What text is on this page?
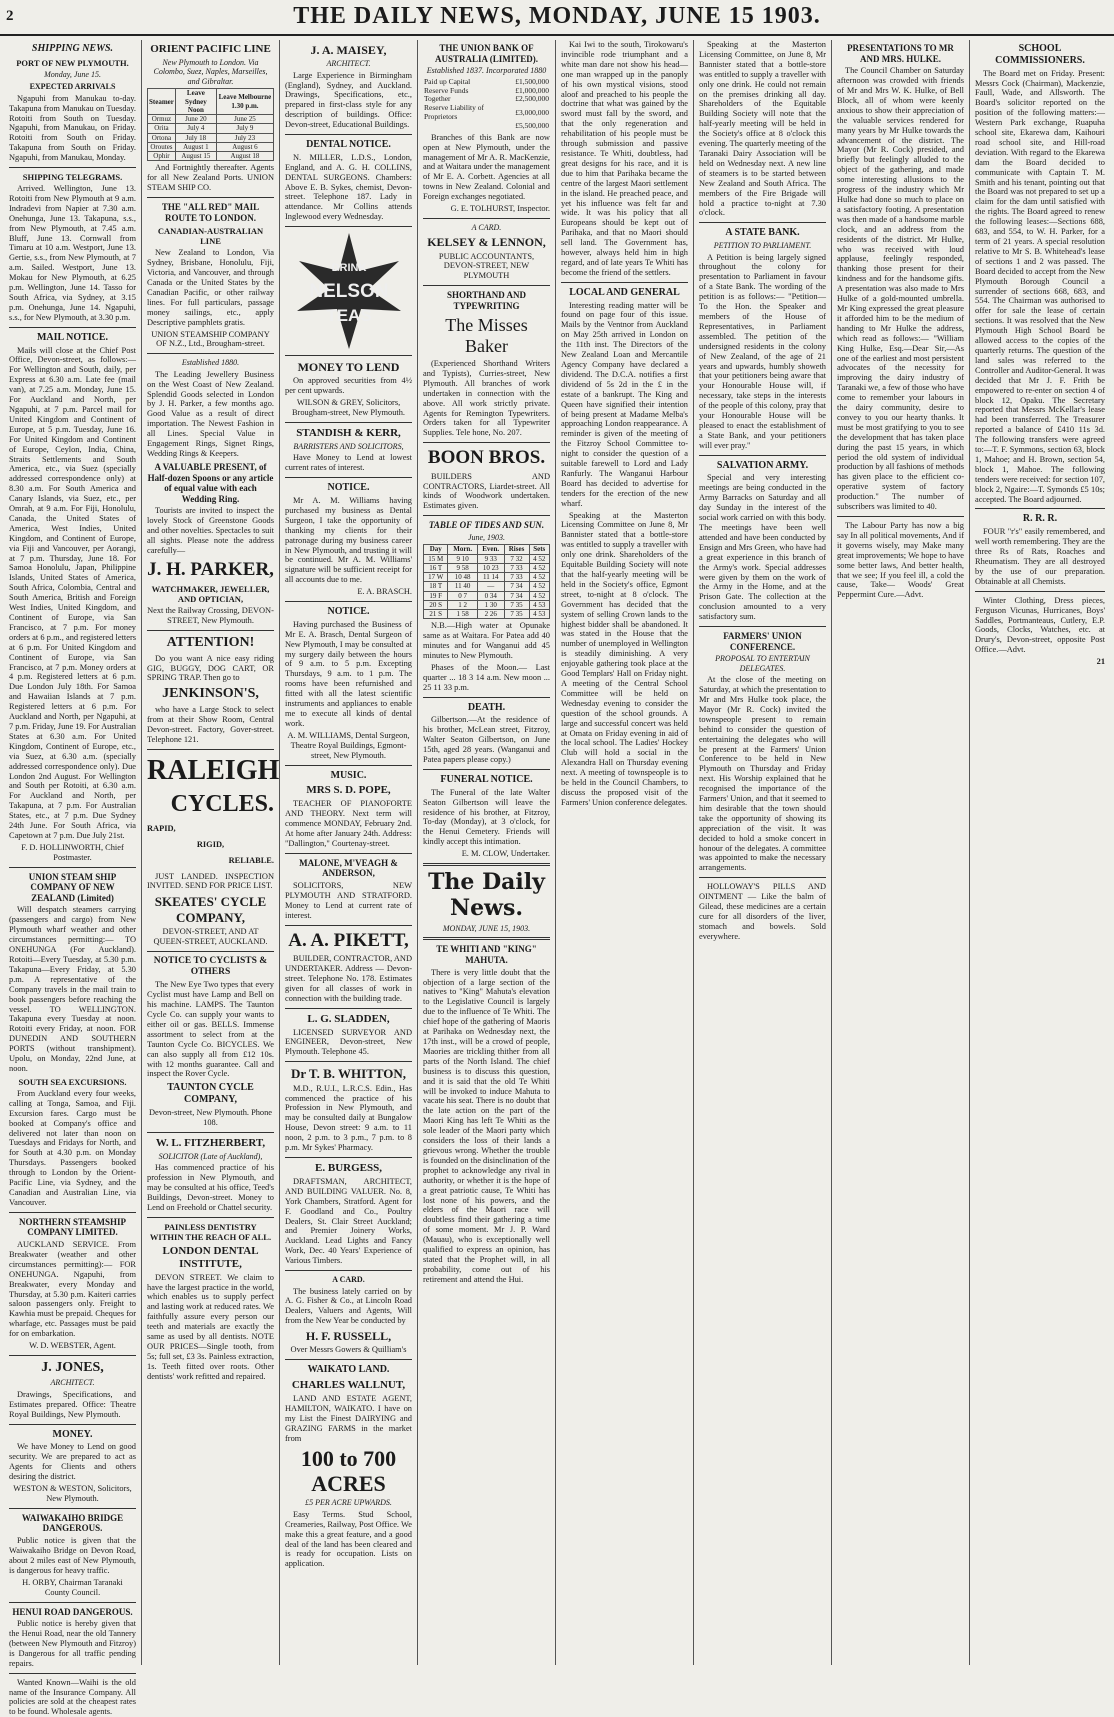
2	THE DAILY NEWS, MONDAY, JUNE 15 1903.
SHIPPING NEWS.
PORT OF NEW PLYMOUTH.
Monday, June 15.
EXPECTED ARRIVALS

Ngapuhi from Manukau to-day. Takapuna from Manukau on Tuesday. Rotoiti from South on Tuesday. Ngapuhi, from Manukau, on Friday. Rotoiti from South on Friday. Takapuna from South on Friday. Ngapuhi, from Manukau, Monday.

SHIPPING TELEGRAMS.

Arrived. Wellington, June 13. Rotoiti from New Plymouth at 9 a.m. Indradevi from Napier at 7.30 a.m. Onehunga, June 13. Takapuna, s.s., from New Plymouth, at 7.45 a.m. Bluff, June 13. Cornwall from Timaru at 10 a.m. Westport, June 13. Gertie, s.s., from New Plymouth, at 7 a.m. Sailed. Westport, June 13. Mokau for New Plymouth, at 6.25 p.m. Wellington, June 14. Tasso for South Africa, via Sydney, at 3.15 p.m. Onehunga, June 14. Ngapuhi, s.s., for New Plymouth, at 3.30 p.m.

MAIL NOTICE.

Mails will close at the Chief Post Office, Devon-street, as follows:— For Wellington and South, daily, per Express at 6.30 a.m. Late fee (mail van), at 7.25 a.m. Monday, June 15. For Auckland and North, per Ngapuhi, at 7 p.m. Parcel mail for United Kingdom and Continent of Europe, at 5 p.m. Tuesday, June 16. For United Kingdom and Continent of Europe, Ceylon, India, China, Straits Settlements and South America, etc., via Suez (specially addressed correspondence only) at 8.30 a.m. For South America and Canary Islands, via Suez, etc., per Omrah, at 9 a.m. For Fiji, Honolulu, Canada, the United States of America, West Indies, United Kingdom, and Continent of Europe, via Fiji and Vancouver, per Aorangi, at 7 p.m. Thursday, June 18. For Samoa Honolulu, Japan, Philippine Islands, United States of America, South Africa, Colombia, Central and South America, British and Foreign West Indies, United Kingdom, and Continent of Europe, via San Francisco, at 7 p.m. For money orders at 6 p.m., and registered letters at 6 p.m. For United Kingdom and Continent of Europe, via San Francisco, at 7 p.m. Money orders at 4 p.m. Registered letters at 6 p.m. Due London July 18th. For Samoa and Hawaiian Islands at 7 p.m. Registered letters at 6 p.m. For Auckland and North, per Ngapuhi, at 7 p.m. Friday, June 19. For Australian States at 6.30 a.m. For United Kingdom, Continent of Europe, etc., via Suez, at 6.30 a.m. (specially addressed correspondence only). Due London 2nd August. For Wellington and South per Rotoiti, at 6.30 a.m. For Auckland and North, per Takapuna, at 7 p.m. For Australian States, etc., at 7 p.m. Due Sydney 24th June. For South Africa, via Capetown at 7 p.m. Due July 21st.

F. D. HOLLINWORTH, Chief Postmaster.
UNION STEAM SHIP COMPANY OF NEW ZEALAND (Limited)

Will despatch steamers carrying (passengers and cargo) from New Plymouth wharf weather and other circumstances permitting:— TO ONEHUNGA (For Auckland). Rotoiti—Every Tuesday, at 5.30 p.m. Takapuna—Every Friday, at 5.30 p.m. A representative of the Company travels in the mail train to book passengers before reaching the vessel. TO WELLINGTON. Takapuna every Tuesday at noon. Rotoiti every Friday, at noon. FOR DUNEDIN AND SOUTHERN PORTS (without transhipment). Upolu, on Monday, 22nd June, at noon.

SOUTH SEA EXCURSIONS.

From Auckland every four weeks, calling at Tonga, Samoa, and Fiji. Excursion fares. Cargo must be booked at Company's office and delivered not later than noon on Tuesdays and Fridays for North, and for South at 4.30 p.m. on Monday Thursdays. Passengers booked through to London by the Orient-Pacific Line, via Sydney, and the Canadian and Australian Line, via Vancouver.

NORTHERN STEAMSHIP COMPANY LIMITED.

AUCKLAND SERVICE. From Breakwater (weather and other circumstances permitting):— FOR ONEHUNGA. Ngapuhi, from Breakwater, every Monday and Thursday, at 5.30 p.m. Kaiteri carries saloon passengers only. Freight to Kawhia must be prepaid. Cheques for wharfage, etc. Passages must be paid for on embarkation.

W. D. WEBSTER, Agent.
J. JONES,
ARCHITECT.

Drawings, Specifications, and Estimates prepared. Office: Theatre Royal Buildings, New Plymouth.

MONEY.

We have Money to Lend on good security. We are prepared to act as Agents for Clients and others desiring the district.

WESTON & WESTON, Solicitors, New Plymouth.
WAIWAKAIHO BRIDGE DANGEROUS.

Public notice is given that the Waiwakaiho Bridge on Devon Road, about 2 miles east of New Plymouth, is dangerous for heavy traffic.

H. ORBY, Chairman Taranaki County Council.
HENUI ROAD DANGEROUS.

Public notice is hereby given that the Henui Road, near the old Tannery (between New Plymouth and Fitzroy) is Dangerous for all traffic pending repairs.

Wanted Known—Waihi is the old name of the Insurance Company. All policies are sold at the cheapest rates to be found. Wholesale agents.

ORIENT PACIFIC LINE
New Plymouth to London. Via Colombo, Suez, Naples, Marseilles, and Gibraltar.
Steamer	Leave Sydney Noon	Leave Melbourne 1.30 p.m.
Ormuz	June 20	June 25
Orita	July 4	July 9
Ortona	July 18	July 23
Oroutes	August 1	August 6
Ophir	August 15	August 18

And Fortnightly thereafter. Agents for all New Zealand Ports. UNION STEAM SHIP CO.

THE "ALL RED" MAIL ROUTE TO LONDON.
CANADIAN-AUSTRALIAN LINE

New Zealand to London, Via Sydney, Brisbane, Honolulu, Fiji, Victoria, and Vancouver, and through Canada or the United States by the Canadian Pacific, or other railway lines. For full particulars, passage money sailings, etc., apply Descriptive pamphlets gratis.

UNION STEAMSHIP COMPANY OF N.Z., Ltd., Brougham-street.
Established 1880.

The Leading Jewellery Business on the West Coast of New Zealand. Splendid Goods selected in London by J. H. Parker, a few months ago. Good Value as a result of direct importation. The Newest Fashion in all Lines. Special Value in Engagement Rings, Signet Rings, Wedding Rings & Keepers.

A VALUABLE PRESENT, of Half-dozen Spoons or any article of equal value with each Wedding Ring.

Tourists are invited to inspect the lovely Stock of Greenstone Goods and other novelties. Spectacles to suit all sights. Please note the address carefully—

J. H. PARKER,
WATCHMAKER, JEWELLER, AND OPTICIAN,
Next the Railway Crossing, DEVON-STREET, New Plymouth.
ATTENTION!

Do you want A nice easy riding GIG, BUGGY, DOG CART, OR SPRING TRAP. Then go to

JENKINSON'S,

who have a Large Stock to select from at their Show Room, Central Devon-street. Factory, Gover-street. Telephone 121.

RALEIGH
CYCLES.
RAPID,
RIGID,
RELIABLE.

JUST LANDED. INSPECTION INVITED. SEND FOR PRICE LIST.

SKEATES' CYCLE COMPANY,
DEVON-STREET, AND AT QUEEN-STREET, AUCKLAND.
NOTICE TO CYCLISTS & OTHERS

The New Eye Two types that every Cyclist must have Lamp and Bell on his machine. LAMPS. The Taunton Cycle Co. can supply your wants to either oil or gas. BELLS. Immense assortment to select from at the Taunton Cycle Co. BICYCLES. We can also supply all from £12 10s. with 12 months guarantee. Call and inspect the Rover Cycle.

TAUNTON CYCLE COMPANY,
Devon-street, New Plymouth. Phone 108.
W. L. FITZHERBERT,
SOLICITOR (Late of Auckland),

Has commenced practice of his profession in New Plymouth, and may be consulted at his office, Teed's Buildings, Devon-street. Money to Lend on Freehold or Chattel security.

PAINLESS DENTISTRY WITHIN THE REACH OF ALL.
LONDON DENTAL INSTITUTE,

DEVON STREET. We claim to have the largest practice in the world, which enables us to supply perfect and lasting work at reduced rates. We faithfully assure every person our teeth and materials are exactly the same as used by all dentists. NOTE OUR PRICES—Single tooth, from 5s; full set, £3 3s. Painless extraction, 1s. Teeth fitted over roots. Other dentists' work refitted and repaired.

J. A. MAISEY,
ARCHITECT.

Large Experience in Birmingham (England), Sydney, and Auckland. Drawings, Specifications, etc., prepared in first-class style for any description of buildings. Office: Devon-street, Educational Buildings.

DENTAL NOTICE.

N. MILLER, L.D.S., London, England, and A. G. H. COLLINS, DENTAL SURGEONS. Chambers: Above E. B. Sykes, chemist, Devon-street. Telephone 187. Lady in attendance. Mr Collins attends Inglewood every Wednesday.

DRINK
NELSON
TEAS
MONEY TO LEND

On approved securities from 4½ per cent upwards.

WILSON & GREY, Solicitors, Brougham-street, New Plymouth.
STANDISH & KERR,
BARRISTERS AND SOLICITORS,

Have Money to Lend at lowest current rates of interest.

NOTICE.

Mr A. M. Williams having purchased my business as Dental Surgeon, I take the opportunity of thanking my clients for their patronage during my business career in New Plymouth, and trusting it will be continued. Mr A. M. Williams' signature will be sufficient receipt for all accounts due to me.

E. A. BRASCH.
NOTICE.

Having purchased the Business of Mr E. A. Brasch, Dental Surgeon of New Plymouth, I may be consulted at my surgery daily between the hours of 9 a.m. to 5 p.m. Excepting Thursdays, 9 a.m. to 1 p.m. The rooms have been refurnished and fitted with all the latest scientific instruments and appliances to enable me to execute all kinds of dental work.

A. M. WILLIAMS, Dental Surgeon, Theatre Royal Buildings, Egmont-street, New Plymouth.
MUSIC.
MRS S. D. POPE,

TEACHER OF PIANOFORTE AND THEORY. Next term will commence MONDAY, February 2nd. At home after January 24th. Address: "Dallington," Courtenay-street.

MALONE, M'VEAGH & ANDERSON,

SOLICITORS, NEW PLYMOUTH AND STRATFORD. Money to Lend at current rate of interest.

A. A. PIKETT,

BUILDER, CONTRACTOR, AND UNDERTAKER. Address — Devon-street. Telephone No. 178. Estimates given for all classes of work in connection with the building trade.

L. G. SLADDEN,

LICENSED SURVEYOR AND ENGINEER, Devon-street, New Plymouth. Telephone 45.

Dr T. B. WHITTON,

M.D., R.U.I., L.R.C.S. Edin., Has commenced the practice of his Profession in New Plymouth, and may be consulted daily at Bungalow House, Devon street: 9 a.m. to 11 noon, 2 p.m. to 3 p.m., 7 p.m. to 8 p.m. Mr Sykes' Pharmacy.

E. BURGESS,

DRAFTSMAN, ARCHITECT, AND BUILDING VALUER. No. 8, York Chambers, Stratford. Agent for F. Goodland and Co., Poultry Dealers, St. Clair Street Auckland; and Premier Joinery Works, Auckland. Lead Lights and Fancy Work, Dec. 40 Years' Experience of Various Timbers.

A CARD.

The business lately carried on by A. G. Fisher & Co., at Lincoln Road Dealers, Valuers and Agents, Will from the New Year be conducted by

H. F. RUSSELL,
Over Messrs Gowers & Quilliam's
WAIKATO LAND.
CHARLES WALLNUT,

LAND AND ESTATE AGENT, HAMILTON, WAIKATO. I have on my List the Finest DAIRYING and GRAZING FARMS in the market from

100 to 700 ACRES
£5 PER ACRE UPWARDS.

Easy Terms. Stud School, Creameries, Railway, Post Office. We make this a great feature, and a good deal of the land has been cleared and is ready for occupation. Lists on application.

THE UNION BANK OF AUSTRALIA (LIMITED).
Established 1837. Incorporated 1880
Paid up Capital	£1,500,000
Reserve Funds	£1,000,000
Together	£2,500,000
Reserve Liability of Proprietors	£3,000,000
	£5,500,000

Branches of this Bank are now open at New Plymouth, under the management of Mr A. R. MacKenzie, and at Waitara under the management of Mr E. A. Corbett. Agencies at all towns in New Zealand. Colonial and Foreign exchanges negotiated.

G. E. TOLHURST, Inspector.
A CARD.
KELSEY & LENNON,
PUBLIC ACCOUNTANTS, DEVON-STREET, NEW PLYMOUTH
SHORTHAND AND TYPEWRITING
The Misses Baker

(Experienced Shorthand Writers and Typists), Curries-street, New Plymouth. All branches of work undertaken in connection with the above. All work strictly private. Agents for Remington Typewriters. Orders taken for all Typewriter Supplies. Tele hone, No. 207.

BOON BROS.

BUILDERS AND CONTRACTORS, Liardet-street. All kinds of Woodwork undertaken. Estimates given.

TABLE OF TIDES AND SUN.
June, 1903.
Day	Morn.	Even.	Rises	Sets
15 M	9 10	9 33	7 32	4 52
16 T	9 58	10 23	7 33	4 52
17 W	10 48	11 14	7 33	4 52
18 T	11 40	—	7 34	4 52
19 F	0 7	0 34	7 34	4 52
20 S	1 2	1 30	7 35	4 53
21 S	1 58	2 26	7 35	4 53

N.B.—High water at Opunake same as at Waitara. For Patea add 40 minutes and for Wanganui add 45 minutes to New Plymouth.

Phases of the Moon.— Last quarter ... 18 3 14 a.m. New moon ... 25 11 33 p.m.

DEATH.

Gilbertson.—At the residence of his brother, McLean street, Fitzroy, Walter Seaton Gilbertson, on June 15th, aged 28 years. (Wanganui and Patea papers please copy.)

FUNERAL NOTICE.

The Funeral of the late Walter Seaton Gilbertson will leave the residence of his brother, at Fitzroy, To-day (Monday), at 3 o'clock, for the Henui Cemetery. Friends will kindly accept this intimation.

E. M. CLOW, Undertaker.
The Daily News.
MONDAY, JUNE 15, 1903.
TE WHITI AND "KING" MAHUTA.

There is very little doubt that the objection of a large section of the natives to "King" Mahuta's elevation to the Legislative Council is largely due to the influence of Te Whiti. The chief hope of the gathering of Maoris at Parihaka on Wednesday next, the 17th inst., will be a crowd of people, Maories are trickling thither from all parts of the North Island. The chief business is to discuss this question, and it is said that the old Te Whiti will be invoked to induce Mahuta to vacate his seat. There is no doubt that the late action on the part of the Maori King has left Te Whiti as the sole leader of the Maori party which considers the loss of their lands a grievous wrong. Whether the trouble is founded on the disinclination of the prophet to acknowledge any rival in authority, or whether it is the hope of a great patriotic cause, Te Whiti has lost none of his powers, and the elders of the Maori race will doubtless find their gathering a time of some moment. Mr J. P. Ward (Mauau), who is exceptionally well qualified to express an opinion, has stated that the Prophet will, in all probability, come out of his retirement and attend the Hui.

Kai Iwi to the south, Tirokowaru's invincible rode triumphant and a white man dare not show his head—one man wrapped up in the panoply of his own mystical visions, stood aloof and preached to his people the doctrine that what was gained by the sword must fall by the sword, and that the only regeneration and rehabilitation of his people must be through submission and passive resistance. Te Whiti, doubtless, had great designs for his race, and it is due to him that Parihaka became the centre of the largest Maori settlement in the island. He preached peace, and yet his influence was felt far and wide. It was his policy that all Europeans should be kept out of Parihaka, and that no Maori should sell land. The Government has, however, always held him in high regard, and of late years Te Whiti has become the friend of the settlers.

LOCAL AND GENERAL

Interesting reading matter will be found on page four of this issue. Mails by the Ventnor from Auckland on May 25th arrived in London on the 11th inst. The Directors of the New Zealand Loan and Mercantile Agency Company have declared a dividend. The D.C.A. notifies a first dividend of 5s 2d in the £ in the estate of a bankrupt. The King and Queen have signified their intention of being present at Madame Melba's approaching London reappearance. A reminder is given of the meeting of the Fitzroy School Committee to-night to consider the question of a suitable farewell to Lord and Lady Ranfurly. The Wanganui Harbour Board has decided to advertise for tenders for the erection of the new wharf.

Speaking at the Masterton Licensing Committee on June 8, Mr Bannister stated that a bottle-store was entitled to supply a traveller with only one drink. Shareholders of the Equitable Building Society will note that the half-yearly meeting will be held in the Society's office, Egmont street, to-night at 8 o'clock. The Government has decided that the system of selling Crown lands to the highest bidder shall be abandoned. It was stated in the House that the number of unemployed in Wellington is steadily diminishing. A very enjoyable gathering took place at the Good Templars' Hall on Friday night. A meeting of the Central School Committee will be held on Wednesday evening to consider the question of the school grounds. A large and successful concert was held at Omata on Friday evening in aid of the local school. The Ladies' Hockey Club will hold a social in the Alexandra Hall on Thursday evening next. A meeting of townspeople is to be held in the Council Chambers, to discuss the proposed visit of the Farmers' Union conference delegates.

Speaking at the Masterton Licensing Committee, on June 8, Mr Bannister stated that a bottle-store was entitled to supply a traveller with only one drink. He could not remain on the premises drinking all day. Shareholders of the Equitable Building Society will note that the half-yearly meeting will be held in the Society's office at 8 o'clock this evening. The quarterly meeting of the Taranaki Dairy Association will be held on Wednesday next. A new line of steamers is to be started between New Zealand and South Africa. The members of the Fire Brigade will hold a practice to-night at 7.30 o'clock.

A STATE BANK.
PETITION TO PARLIAMENT.

A Petition is being largely signed throughout the colony for presentation to Parliament in favour of a State Bank. The wording of the petition is as follows:— "Petition—To the Hon. the Speaker and members of the House of Representatives, in Parliament assembled. The petition of the undersigned residents in the colony of New Zealand, of the age of 21 years and upwards, humbly showeth that your petitioners being aware that your Honourable House will, if necessary, take steps in the interests of the people of this colony, pray that your Honourable House will be pleased to enact the establishment of a State Bank, and your petitioners will ever pray."

SALVATION ARMY.

Special and very interesting meetings are being conducted in the Army Barracks on Saturday and all day Sunday in the interest of the social work carried on with this body. The meetings have been well attended and have been conducted by Ensign and Mrs Green, who have had a great experience in this branch of the Army's work. Special addresses were given by them on the work of the Army in the Home, and at the Prison Gate. The collection at the conclusion amounted to a very satisfactory sum.

FARMERS' UNION CONFERENCE.
PROPOSAL TO ENTERTAIN DELEGATES.

At the close of the meeting on Saturday, at which the presentation to Mr and Mrs Hulke took place, the Mayor (Mr R. Cock) invited the townspeople present to remain behind to consider the question of entertaining the delegates who will be present at the Farmers' Union Conference to be held in New Plymouth on Thursday and Friday next. His Worship explained that he recognised the importance of the Farmers' Union, and that it seemed to him desirable that the town should take the opportunity of showing its appreciation of the visit. It was decided to hold a smoke concert in honour of the delegates. A committee was appointed to make the necessary arrangements.

HOLLOWAY'S PILLS AND OINTMENT — Like the balm of Gilead, these medicines are a certain cure for all disorders of the liver, stomach and bowels. Sold everywhere.

PRESENTATIONS TO MR AND MRS. HULKE.

The Council Chamber on Saturday afternoon was crowded with friends of Mr and Mrs W. K. Hulke, of Bell Block, all of whom were keenly anxious to show their appreciation of the valuable services rendered for many years by Mr Hulke towards the advancement of the district. The Mayor (Mr R. Cock) presided, and briefly but feelingly alluded to the object of the gathering, and made some interesting allusions to the progress of the industry which Mr Hulke had done so much to place on a satisfactory footing. A presentation was then made of a handsome marble clock, and an address from the residents of the district. Mr Hulke, who was received with loud applause, feelingly responded, thanking those present for their kindness and for the handsome gifts. A presentation was also made to Mrs Hulke of a gold-mounted umbrella. Mr King expressed the great pleasure it afforded him to be the medium of handing to Mr Hulke the address, which read as follows:— "William King Hulke, Esq.—Dear Sir,—As one of the earliest and most persistent advocates of the necessity for improving the dairy industry of Taranaki we, a few of those who have come to remember your labours in the dairy community, desire to convey to you our hearty thanks. It must be most gratifying to you to see the development that has taken place during the past 15 years, in which period the old system of individual production by all fashions of methods has given place to the efficient co-operative system of factory production." The number of subscribers was limited to 40.

The Labour Party has now a big say In all political movements, And if it governs wisely, may Make many great improvements; We hope to have some better laws, And better health, that we see; If you feel ill, a cold the cause, Take— Woods' Great Peppermint Cure.—Advt.

SCHOOL COMMISSIONERS.

The Board met on Friday. Present: Messrs Cock (Chairman), Mackenzie, Faull, Wade, and Allsworth. The Board's solicitor reported on the position of the following matters:—Western Park exchange, Ruapuha school site, Ekarewa dam, Kaihouri road school site, and Hill-road deviation. With regard to the Ekarewa dam the Board decided to communicate with Captain T. M. Smith and his tenant, pointing out that the Board was not prepared to set up a claim for the dam until satisfied with the rights. The Board agreed to renew the following leases:—Sections 688, 683, and 554, to W. H. Parker, for a term of 21 years. A special resolution relative to Mr S. B. Whitehead's lease of sections 1 and 2 was passed. The Board decided to accept from the New Plymouth Borough Council a surrender of sections 668, 683, and 554. The Chairman was authorised to offer for sale the lease of certain sections. It was resolved that the New Plymouth High School Board be allowed access to the copies of the quarterly returns. The question of the land sales was referred to the Controller and Auditor-General. It was decided that Mr J. F. Frith be empowered to re-enter on section 4 of block 12, Opaku. The Secretary reported that Messrs McKellar's lease had been transferred. The Treasurer reported a balance of £410 11s 3d. The following transfers were agreed to:—T. F. Symmons, section 63, block 1, Mahoe; and H. Brown, section 54, block 1, Mahoe. The following tenders were received: for section 107, block 2, Ngaire:—T. Symonds £5 10s; accepted. The Board adjourned.

R. R. R.

FOUR "r's" easily remembered, and well worth remembering. They are the three Rs of Rats, Roaches and Rheumatism. They are all destroyed by the use of our preparation. Obtainable at all Chemists.

Winter Clothing, Dress pieces, Ferguson Vicunas, Hurricanes, Boys' Saddles, Portmanteaus, Cutlery, E.P. Goods, Clocks, Watches, etc. at Drury's, Devon-street, opposite Post Office.—Advt.

21
